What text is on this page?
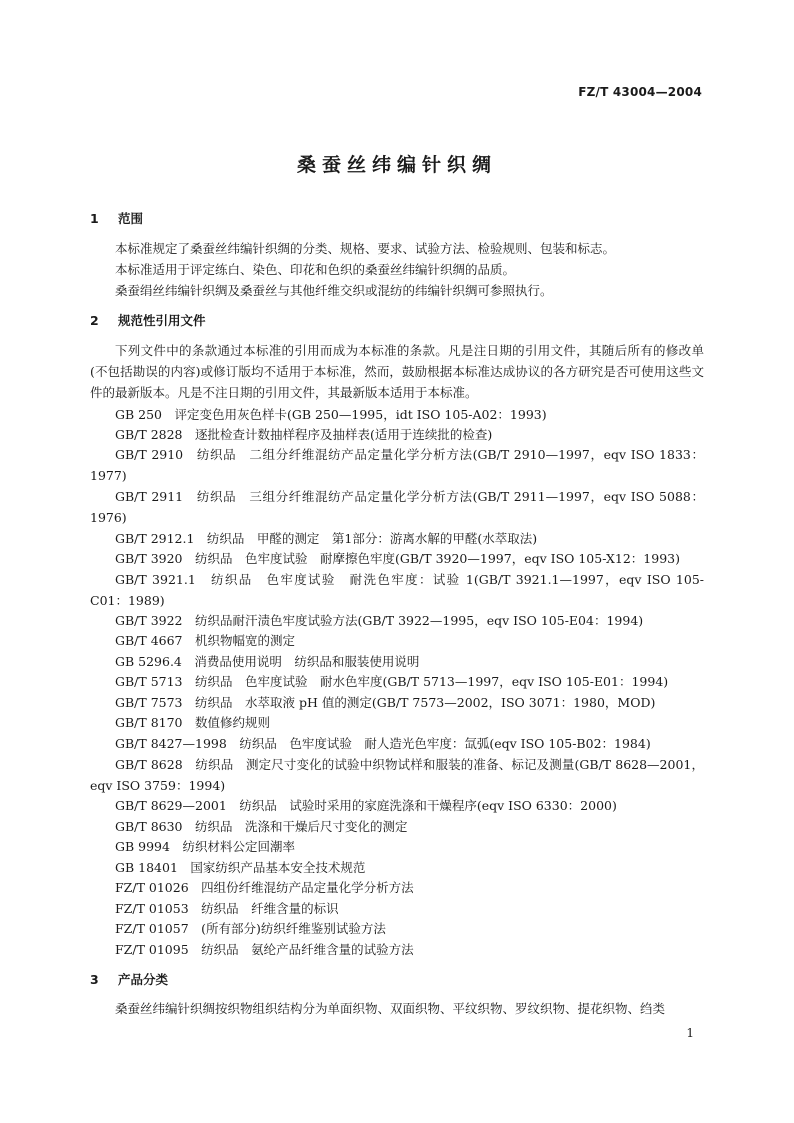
FZ/T 43004—2004
桑蚕丝纬编针织绸
1 范围
本标准规定了桑蚕丝纬编针织绸的分类、规格、要求、试验方法、检验规则、包装和标志。
本标准适用于评定练白、染色、印花和色织的桑蚕丝纬编针织绸的品质。
桑蚕绢丝纬编针织绸及桑蚕丝与其他纤维交织或混纺的纬编针织绸可参照执行。
2 规范性引用文件
下列文件中的条款通过本标准的引用而成为本标准的条款。凡是注日期的引用文件，其随后所有的修改单(不包括勘误的内容)或修订版均不适用于本标准，然而，鼓励根据本标准达成协议的各方研究是否可使用这些文件的最新版本。凡是不注日期的引用文件，其最新版本适用于本标准。
GB 250　评定变色用灰色样卡(GB 250—1995，idt ISO 105-A02：1993)
GB/T 2828　逐批检查计数抽样程序及抽样表(适用于连续批的检查)
GB/T 2910　纺织品　二组分纤维混纺产品定量化学分析方法(GB/T 2910—1997，eqv ISO 1833：1977)
GB/T 2911　纺织品　三组分纤维混纺产品定量化学分析方法(GB/T 2911—1997，eqv ISO 5088：1976)
GB/T 2912.1　纺织品　甲醛的测定　第1部分：游离水解的甲醛(水萃取法)
GB/T 3920　纺织品　色牢度试验　耐摩擦色牢度(GB/T 3920—1997，eqv ISO 105-X12：1993)
GB/T 3921.1　纺织品　色牢度试验　耐洗色牢度：试验 1(GB/T 3921.1—1997，eqv ISO 105-C01：1989)
GB/T 3922　纺织品耐汗渍色牢度试验方法(GB/T 3922—1995，eqv ISO 105-E04：1994)
GB/T 4667　机织物幅宽的测定
GB 5296.4　消费品使用说明　纺织品和服装使用说明
GB/T 5713　纺织品　色牢度试验　耐水色牢度(GB/T 5713—1997，eqv ISO 105-E01：1994)
GB/T 7573　纺织品　水萃取液 pH 值的测定(GB/T 7573—2002，ISO 3071：1980，MOD)
GB/T 8170　数值修约规则
GB/T 8427—1998　纺织品　色牢度试验　耐人造光色牢度：氙弧(eqv ISO 105-B02：1984)
GB/T 8628　纺织品　测定尺寸变化的试验中织物试样和服装的准备、标记及测量(GB/T 8628—2001，eqv ISO 3759：1994)
GB/T 8629—2001　纺织品　试验时采用的家庭洗涤和干燥程序(eqv ISO 6330：2000)
GB/T 8630　纺织品　洗涤和干燥后尺寸变化的测定
GB 9994　纺织材料公定回潮率
GB 18401　国家纺织产品基本安全技术规范
FZ/T 01026　四组份纤维混纺产品定量化学分析方法
FZ/T 01053　纺织品　纤维含量的标识
FZ/T 01057　(所有部分)纺织纤维鉴别试验方法
FZ/T 01095　纺织品　氨纶产品纤维含量的试验方法
3 产品分类
桑蚕丝纬编针织绸按织物组织结构分为单面织物、双面织物、平纹织物、罗纹织物、提花织物、绉类
1
